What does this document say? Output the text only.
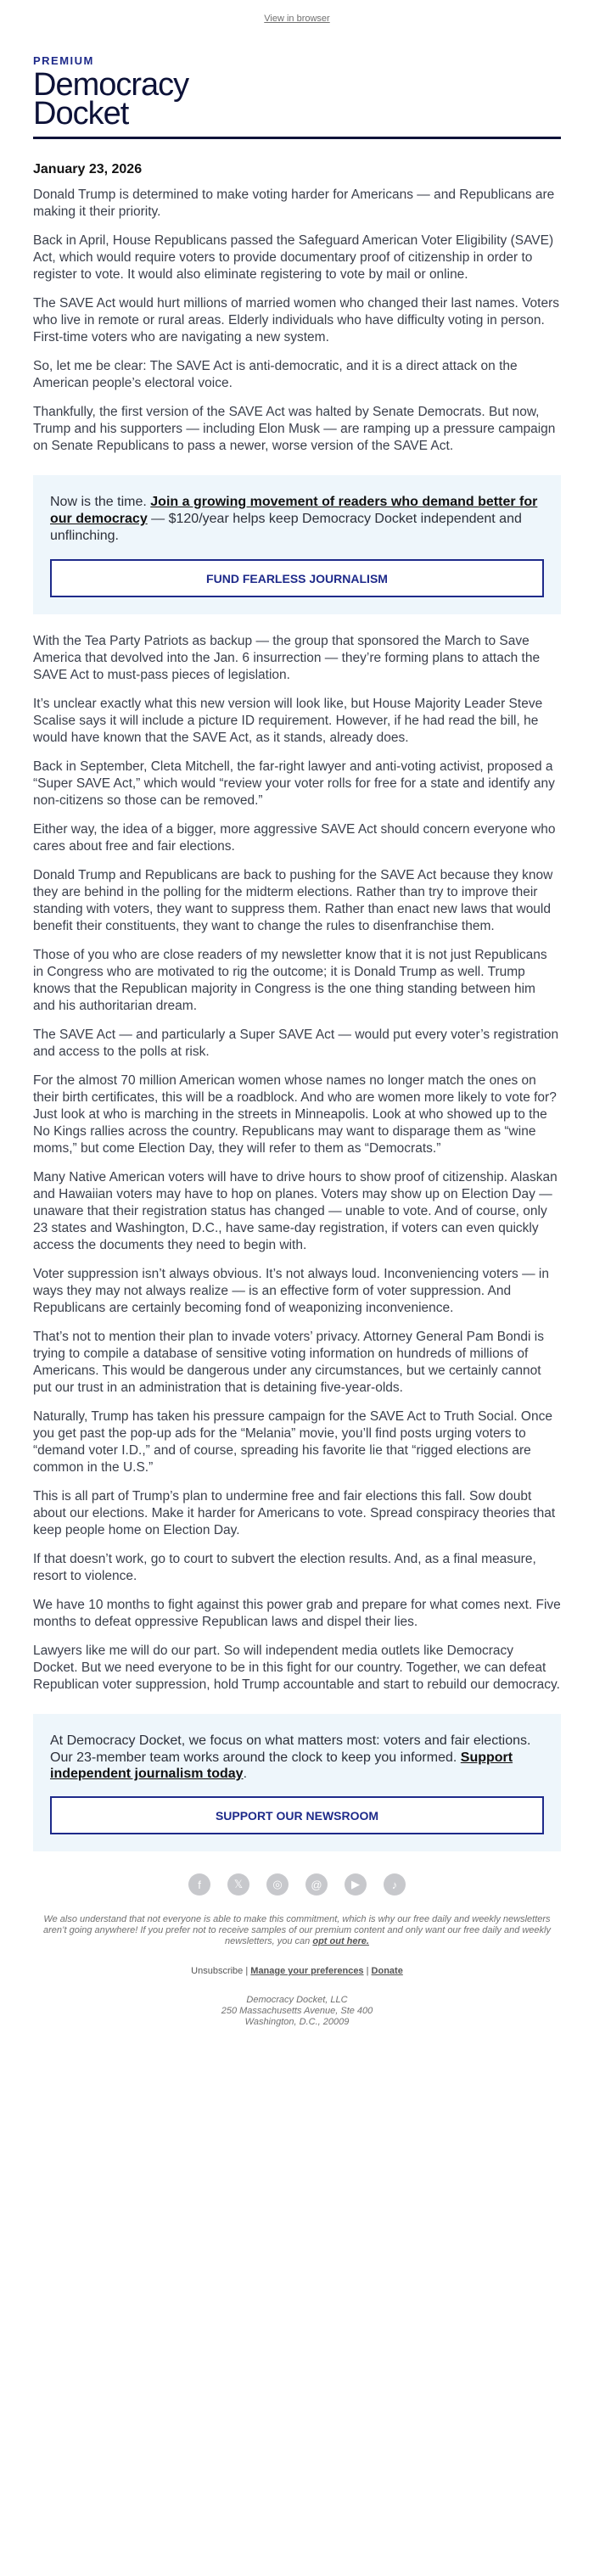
View in browser
PREMIUM
Democracy
Docket
January 23, 2026

Donald Trump is determined to make voting harder for Americans — and Republicans are making it their priority.

Back in April, House Republicans passed the Safeguard American Voter Eligibility (SAVE) Act, which would require voters to provide documentary proof of citizenship in order to register to vote. It would also eliminate registering to vote by mail or online.

The SAVE Act would hurt millions of married women who changed their last names. Voters who live in remote or rural areas. Elderly individuals who have difficulty voting in person. First-time voters who are navigating a new system.

So, let me be clear: The SAVE Act is anti-democratic, and it is a direct attack on the American people’s electoral voice.

Thankfully, the first version of the SAVE Act was halted by Senate Democrats. But now, Trump and his supporters — including Elon Musk — are ramping up a pressure campaign on Senate Republicans to pass a newer, worse version of the SAVE Act.

Now is the time. Join a growing movement of readers who demand better for our democracy — $120/year helps keep Democracy Docket independent and unflinching.
FUND FEARLESS JOURNALISM

With the Tea Party Patriots as backup — the group that sponsored the March to Save America that devolved into the Jan. 6 insurrection — they’re forming plans to attach the SAVE Act to must-pass pieces of legislation.

It’s unclear exactly what this new version will look like, but House Majority Leader Steve Scalise says it will include a picture ID requirement. However, if he had read the bill, he would have known that the SAVE Act, as it stands, already does.

Back in September, Cleta Mitchell, the far-right lawyer and anti-voting activist, proposed a “Super SAVE Act,” which would “review your voter rolls for free for a state and identify any non-citizens so those can be removed.”

Either way, the idea of a bigger, more aggressive SAVE Act should concern everyone who cares about free and fair elections.

Donald Trump and Republicans are back to pushing for the SAVE Act because they know they are behind in the polling for the midterm elections. Rather than try to improve their standing with voters, they want to suppress them. Rather than enact new laws that would benefit their constituents, they want to change the rules to disenfranchise them.

Those of you who are close readers of my newsletter know that it is not just Republicans in Congress who are motivated to rig the outcome; it is Donald Trump as well. Trump knows that the Republican majority in Congress is the one thing standing between him and his authoritarian dream.

The SAVE Act — and particularly a Super SAVE Act — would put every voter’s registration and access to the polls at risk.

For the almost 70 million American women whose names no longer match the ones on their birth certificates, this will be a roadblock. And who are women more likely to vote for? Just look at who is marching in the streets in Minneapolis. Look at who showed up to the No Kings rallies across the country. Republicans may want to disparage them as “wine moms,” but come Election Day, they will refer to them as “Democrats.”

Many Native American voters will have to drive hours to show proof of citizenship. Alaskan and Hawaiian voters may have to hop on planes. Voters may show up on Election Day — unaware that their registration status has changed — unable to vote. And of course, only 23 states and Washington, D.C., have same-day registration, if voters can even quickly access the documents they need to begin with.

Voter suppression isn’t always obvious. It’s not always loud. Inconveniencing voters — in ways they may not always realize — is an effective form of voter suppression. And Republicans are certainly becoming fond of weaponizing inconvenience.

That’s not to mention their plan to invade voters’ privacy. Attorney General Pam Bondi is trying to compile a database of sensitive voting information on hundreds of millions of Americans. This would be dangerous under any circumstances, but we certainly cannot put our trust in an administration that is detaining five-year-olds.

Naturally, Trump has taken his pressure campaign for the SAVE Act to Truth Social. Once you get past the pop-up ads for the “Melania” movie, you’ll find posts urging voters to “demand voter I.D.,” and of course, spreading his favorite lie that “rigged elections are common in the U.S.”

This is all part of Trump’s plan to undermine free and fair elections this fall. Sow doubt about our elections. Make it harder for Americans to vote. Spread conspiracy theories that keep people home on Election Day.

If that doesn’t work, go to court to subvert the election results. And, as a final measure, resort to violence.

We have 10 months to fight against this power grab and prepare for what comes next. Five months to defeat oppressive Republican laws and dispel their lies.

Lawyers like me will do our part. So will independent media outlets like Democracy Docket. But we need everyone to be in this fight for our country. Together, we can defeat Republican voter suppression, hold Trump accountable and start to rebuild our democracy.

At Democracy Docket, we focus on what matters most: voters and fair elections. Our 23-member team works around the clock to keep you informed. Support independent journalism today.
SUPPORT OUR NEWSROOM
f	𝕏	◎	@	▶	♪
We also understand that not everyone is able to make this commitment, which is why our free daily and weekly newsletters aren’t going anywhere! If you prefer not to receive samples of our premium content and only want our free daily and weekly newsletters, you can opt out here.
Unsubscribe | Manage your preferences | Donate
Democracy Docket, LLC
250 Massachusetts Avenue, Ste 400
Washington, D.C., 20009
